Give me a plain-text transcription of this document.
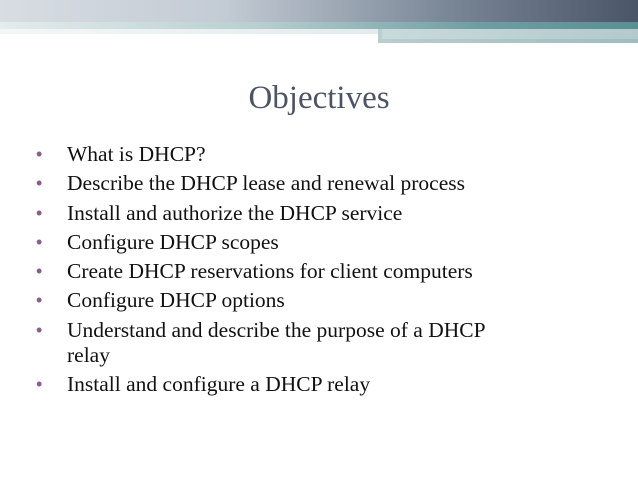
Objectives
• What is DHCP?
• Describe the DHCP lease and renewal process
• Install and authorize the DHCP service
• Configure DHCP scopes
• Create DHCP reservations for client computers
• Configure DHCP options
• Understand and describe the purpose of a DHCP relay
• Install and configure a DHCP relay
